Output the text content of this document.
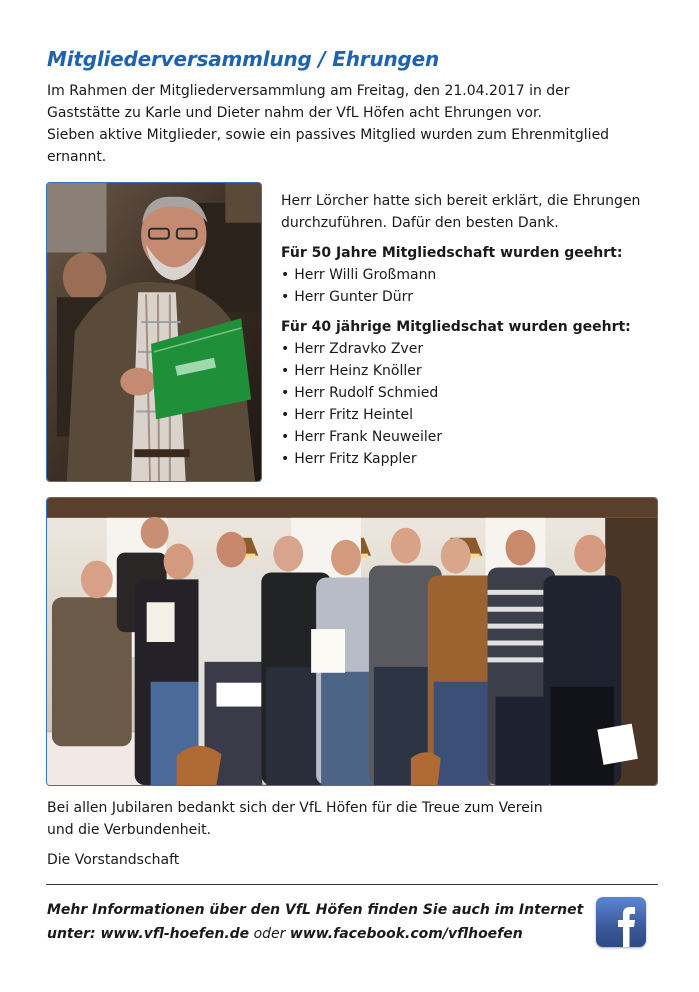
Mitgliederversammlung / Ehrungen

Im Rahmen der Mitgliederversammlung am Freitag, den 21.04.2017 in der

Gaststätte zu Karle und Dieter nahm der VfL Höfen acht Ehrungen vor.

Sieben aktive Mitglieder, sowie ein passives Mitglied wurden zum Ehrenmitglied

ernannt.

Herr Lörcher hatte sich bereit erklärt, die Ehrungen

durchzuführen. Dafür den besten Dank.

Für 50 Jahre Mitgliedschaft wurden geehrt:

• Herr Willi Großmann
• Herr Gunter Dürr

Für 40 jährige Mitgliedschat wurden geehrt:

• Herr Zdravko Zver
• Herr Heinz Knöller
• Herr Rudolf Schmied
• Herr Fritz Heintel
• Herr Frank Neuweiler
• Herr Fritz Kappler

Bei allen Jubilaren bedankt sich der VfL Höfen für die Treue zum Verein

und die Verbundenheit.

Die Vorstandschaft
Mehr Informationen über den VfL Höfen finden Sie auch im Internet
unter: www.vfl-hoefen.de oder www.facebook.com/vflhoefen
